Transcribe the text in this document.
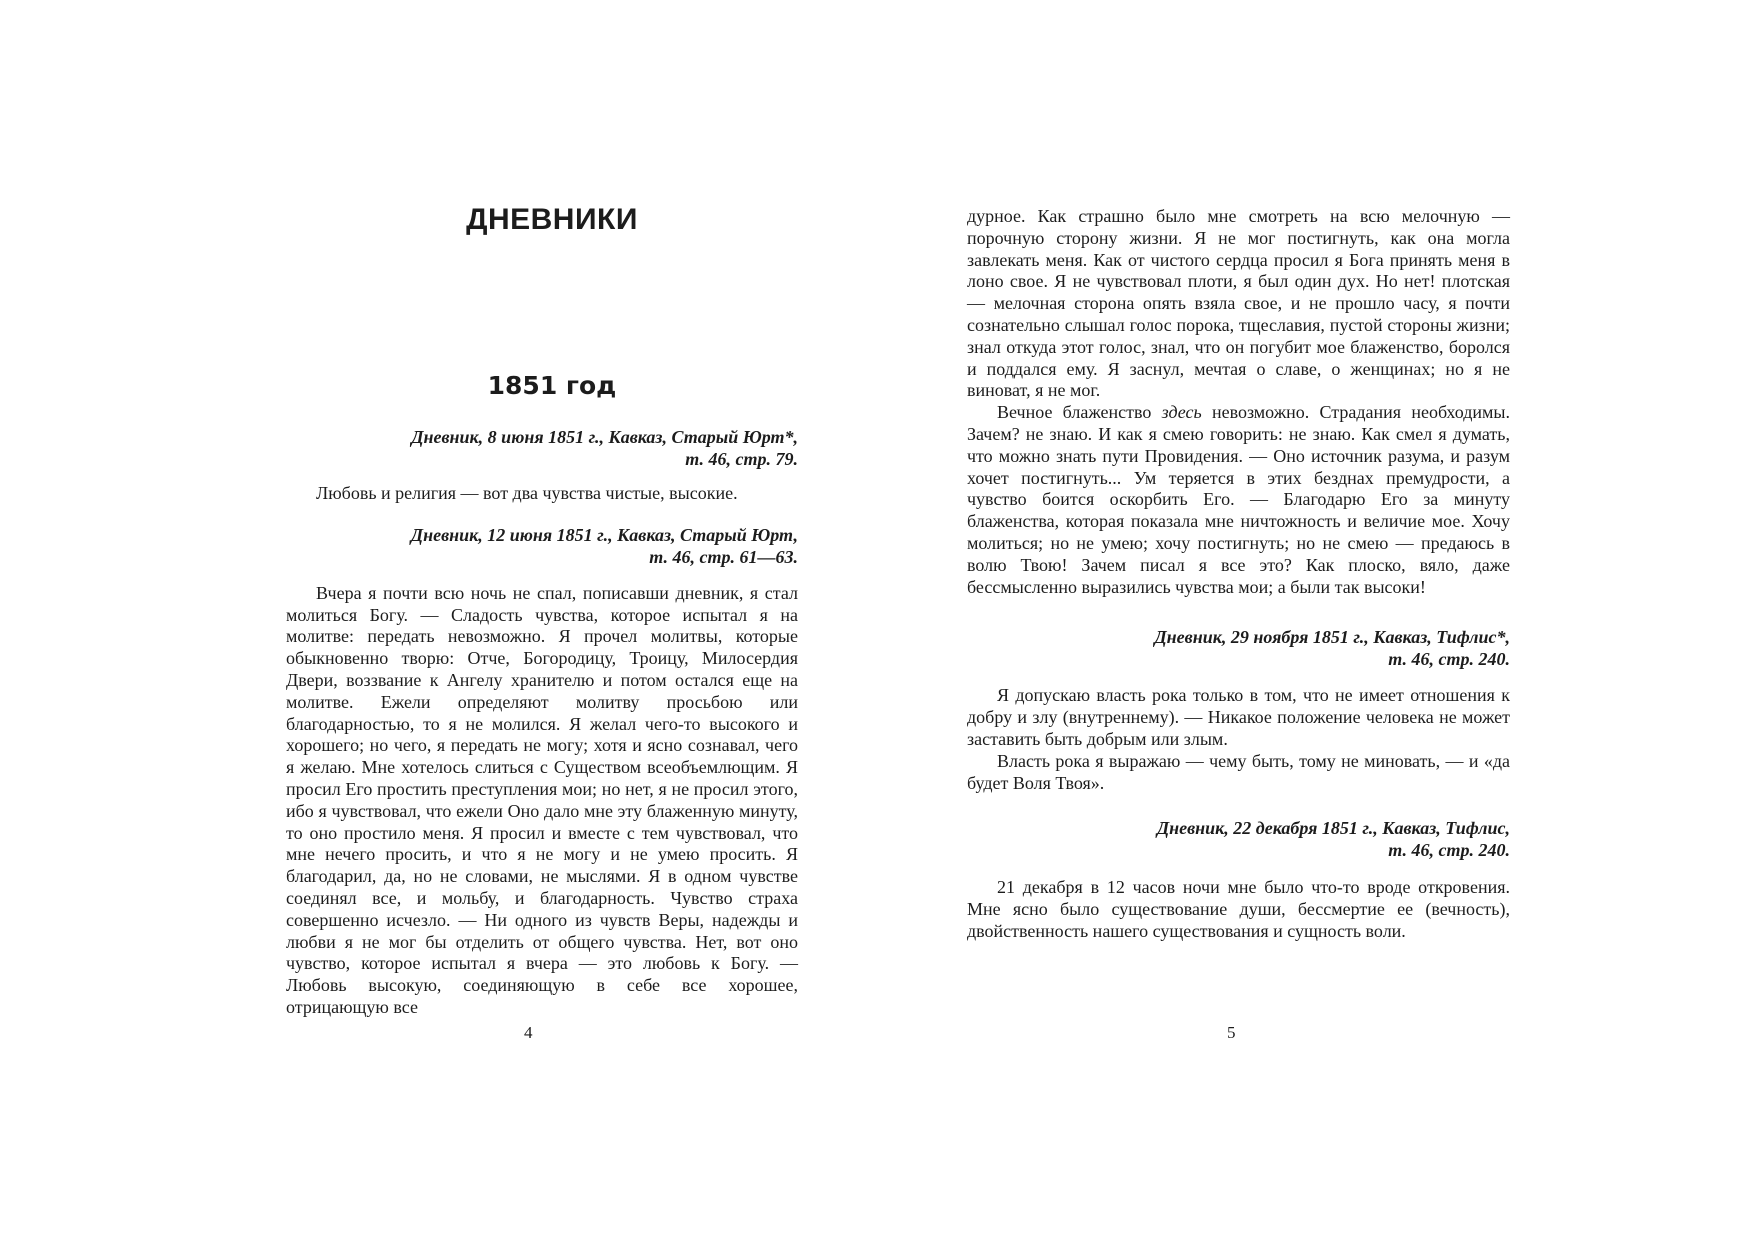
ДНЕВНИКИ
1851 год
Дневник, 8 июня 1851 г., Кавказ, Старый Юрт*,
т. 46, стр. 79.

Любовь и религия — вот два чувства чистые, высокие.

Дневник, 12 июня 1851 г., Кавказ, Старый Юрт,
т. 46, стр. 61—63.

Вчера я почти всю ночь не спал, пописавши дневник, я стал молиться Богу. — Сладость чувства, которое испытал я на молитве: передать невозможно. Я прочел молитвы, которые обыкновенно творю: Отче, Богородицу, Троицу, Милосердия Двери, воззвание к Ангелу хранителю и потом остался еще на молитве. Ежели определяют молитву просьбою или благодарностью, то я не молился. Я желал чего-то высокого и хорошего; но чего, я передать не могу; хотя и ясно сознавал, чего я желаю. Мне хотелось слиться с Существом всеобъемлющим. Я просил Его простить преступления мои; но нет, я не просил этого, ибо я чувствовал, что ежели Оно дало мне эту блаженную минуту, то оно простило меня. Я просил и вместе с тем чувствовал, что мне нечего просить, и что я не могу и не умею просить. Я благодарил, да, но не словами, не мыслями. Я в одном чувстве соединял все, и мольбу, и благодарность. Чувство страха совершенно исчезло. — Ни одного из чувств Веры, надежды и любви я не мог бы отделить от общего чувства. Нет, вот оно чувство, которое испытал я вчера — это любовь к Богу. — Любовь высокую, соединяющую в себе все хорошее, отрицающую все

4

дурное. Как страшно было мне смотреть на всю мелочную — порочную сторону жизни. Я не мог постигнуть, как она могла завлекать меня. Как от чистого сердца просил я Бога принять меня в лоно свое. Я не чувствовал плоти, я был один дух. Но нет! плотская — мелочная сторона опять взяла свое, и не прошло часу, я почти сознательно слышал голос порока, тщеславия, пустой стороны жизни; знал откуда этот голос, знал, что он погубит мое блаженство, боролся и поддался ему. Я заснул, мечтая о славе, о женщинах; но я не виноват, я не мог.

Вечное блаженство здесь невозможно. Страдания необходимы. Зачем? не знаю. И как я смею говорить: не знаю. Как смел я думать, что можно знать пути Провидения. — Оно источник разума, и разум хочет постигнуть... Ум теряется в этих безднах премудрости, а чувство боится оскорбить Его. — Благодарю Его за минуту блаженства, которая показала мне ничтожность и величие мое. Хочу молиться; но не умею; хочу постигнуть; но не смею — предаюсь в волю Твою! Зачем писал я все это? Как плоско, вяло, даже бессмысленно выразились чувства мои; а были так высоки!

Дневник, 29 ноября 1851 г., Кавказ, Тифлис*,
т. 46, стр. 240.

Я допускаю власть рока только в том, что не имеет отношения к добру и злу (внутреннему). — Никакое положение человека не может заставить быть добрым или злым.

Власть рока я выражаю — чему быть, тому не миновать, — и «да будет Воля Твоя».

Дневник, 22 декабря 1851 г., Кавказ, Тифлис,
т. 46, стр. 240.

21 декабря в 12 часов ночи мне было что-то вроде откровения. Мне ясно было существование души, бессмертие ее (вечность), двойственность нашего существования и сущность воли.

5
